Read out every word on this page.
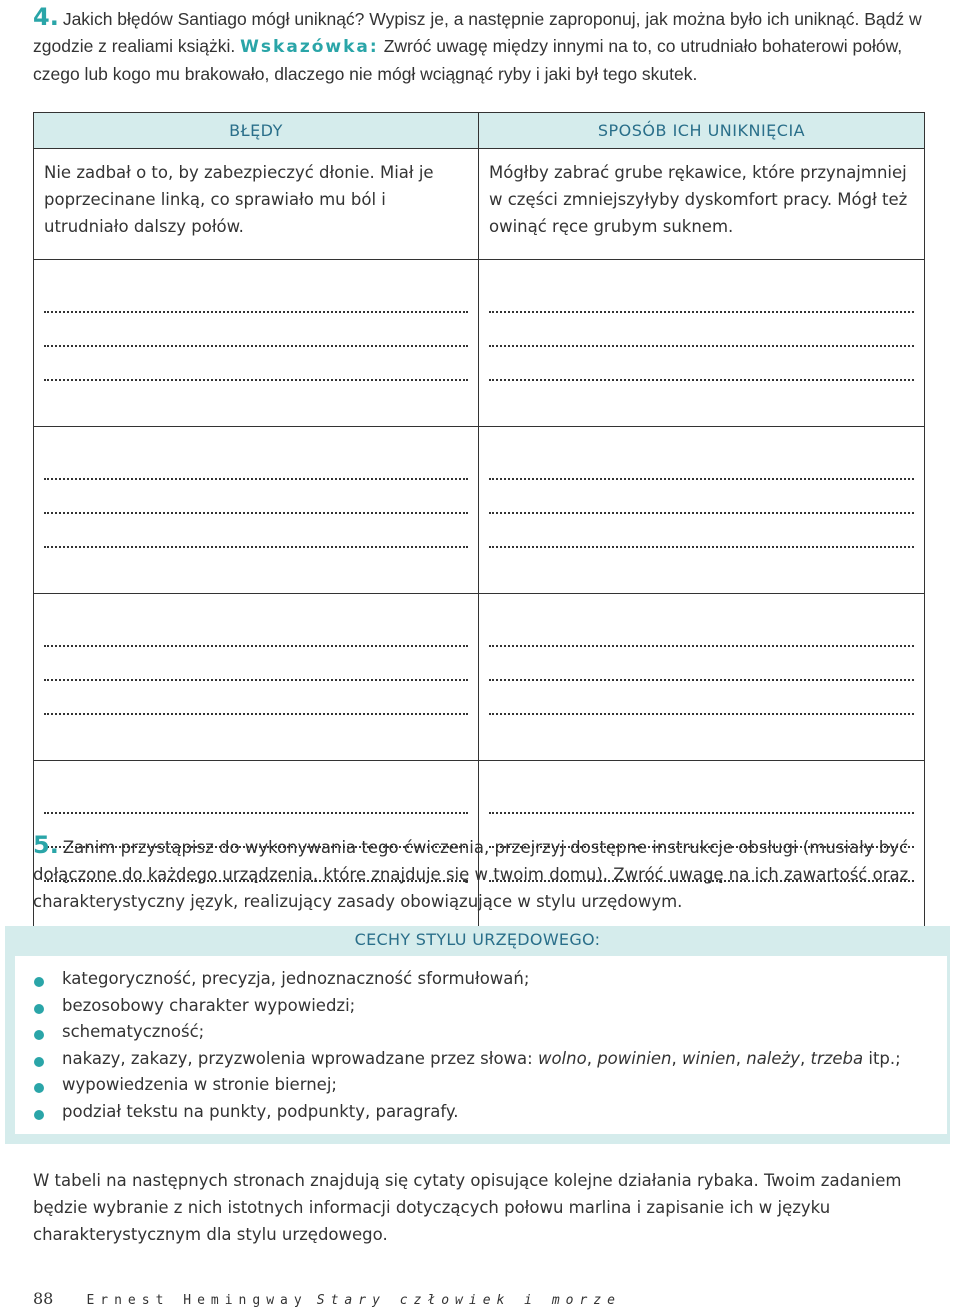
4. Jakich błędów Santiago mógł uniknąć? Wypisz je, a następnie zaproponuj, jak można było ich uniknąć. Bądź w zgodzie z realiami książki. Wskazówka: Zwróć uwagę między innymi na to, co utrudniało bohaterowi połów, czego lub kogo mu brakowało, dlaczego nie mógł wciągnąć ryby i jaki był tego skutek.
BŁĘDY	SPOSÓB ICH UNIKNIĘCIA
Nie zadbał o to, by zabezpieczyć dłonie. Miał je poprzecinane linką, co sprawiało mu ból i utrudniało dalszy połów.	Mógłby zabrać grube rękawice, które przynajmniej w części zmniejszyłyby dyskomfort pracy. Mógł też owinąć ręce grubym suknem.

5. Zanim przystąpisz do wykonywania tego ćwiczenia, przejrzyj dostępne instrukcje obsługi (musiały być dołączone do każdego urządzenia, które znajduje się w twoim domu). Zwróć uwagę na ich zawartość oraz charakterystyczny język, realizujący zasady obowiązujące w stylu urzędowym.
CECHY STYLU URZĘDOWEGO:
kategoryczność, precyzja, jednoznaczność sformułowań;
bezosobowy charakter wypowiedzi;
schematyczność;
nakazy, zakazy, przyzwolenia wprowadzane przez słowa: wolno, powinien, winien, należy, trzeba itp.;
wypowiedzenia w stronie biernej;
podział tekstu na punkty, podpunkty, paragrafy.
W tabeli na następnych stronach znajdują się cytaty opisujące kolejne działania rybaka. Twoim zadaniem będzie wybranie z nich istotnych informacji dotyczących połowu marlina i zapisanie ich w języku charakterystycznym dla stylu urzędowego.
88	Ernest Hemingway Stary człowiek i morze
